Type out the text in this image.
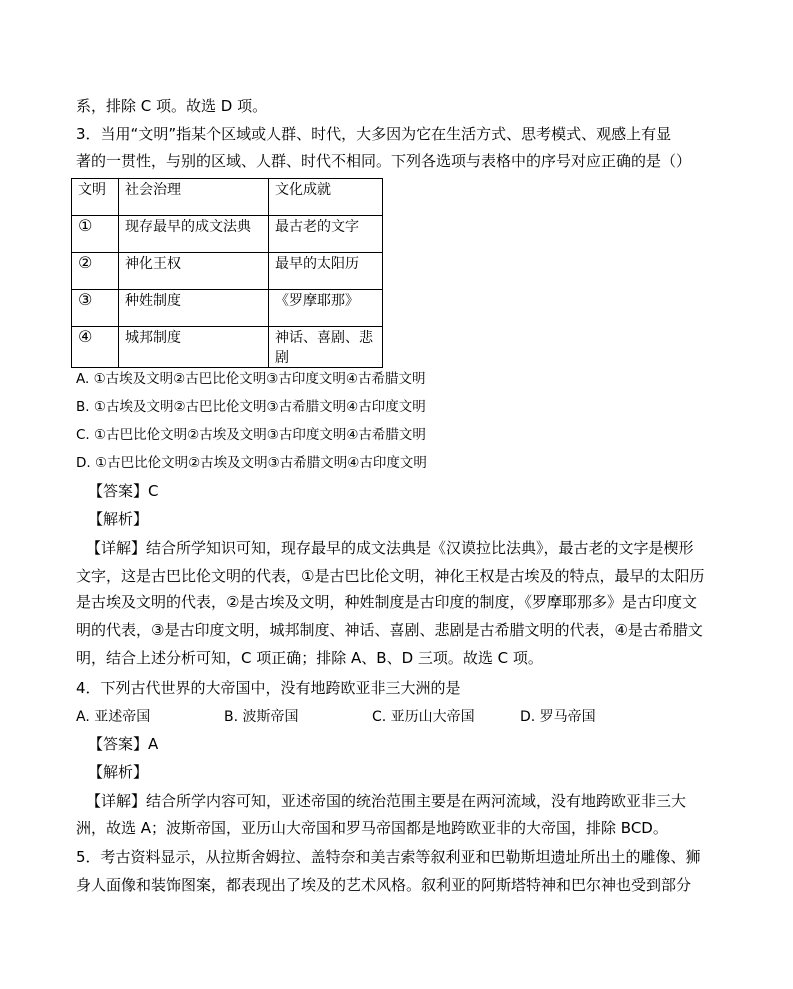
系，排除 C 项。故选 D 项。
3．当用“文明”指某个区域或人群、时代，大多因为它在生活方式、思考模式、观感上有显
著的一贯性，与别的区域、人群、时代不相同。下列各选项与表格中的序号对应正确的是（）
文明	社会治理	文化成就
①	现存最早的成文法典	最古老的文字
②	神化王权	最早的太阳历
③	种姓制度	《罗摩耶那》
④	城邦制度	神话、喜剧、悲剧
A. ①古埃及文明②古巴比伦文明③古印度文明④古希腊文明
B. ①古埃及文明②古巴比伦文明③古希腊文明④古印度文明
C. ①古巴比伦文明②古埃及文明③古印度文明④古希腊文明
D. ①古巴比伦文明②古埃及文明③古希腊文明④古印度文明
【答案】C
【解析】
【详解】结合所学知识可知，现存最早的成文法典是《汉谟拉比法典》，最古老的文字是楔形
文字，这是古巴比伦文明的代表，①是古巴比伦文明，神化王权是古埃及的特点，最早的太阳历
是古埃及文明的代表，②是古埃及文明，种姓制度是古印度的制度，《罗摩耶那多》是古印度文
明的代表，③是古印度文明，城邦制度、神话、喜剧、悲剧是古希腊文明的代表，④是古希腊文
明，结合上述分析可知，C 项正确；排除 A、B、D 三项。故选 C 项。
4．下列古代世界的大帝国中，没有地跨欧亚非三大洲的是
A. 亚述帝国	B. 波斯帝国	C. 亚历山大帝国	D. 罗马帝国
【答案】A
【解析】
【详解】结合所学内容可知，亚述帝国的统治范围主要是在两河流域，没有地跨欧亚非三大
洲，故选 A；波斯帝国，亚历山大帝国和罗马帝国都是地跨欧亚非的大帝国，排除 BCD。
5．考古资料显示，从拉斯舍姆拉、盖特奈和美吉索等叙利亚和巴勒斯坦遗址所出土的雕像、狮
身人面像和装饰图案，都表现出了埃及的艺术风格。叙利亚的阿斯塔特神和巴尔神也受到部分
